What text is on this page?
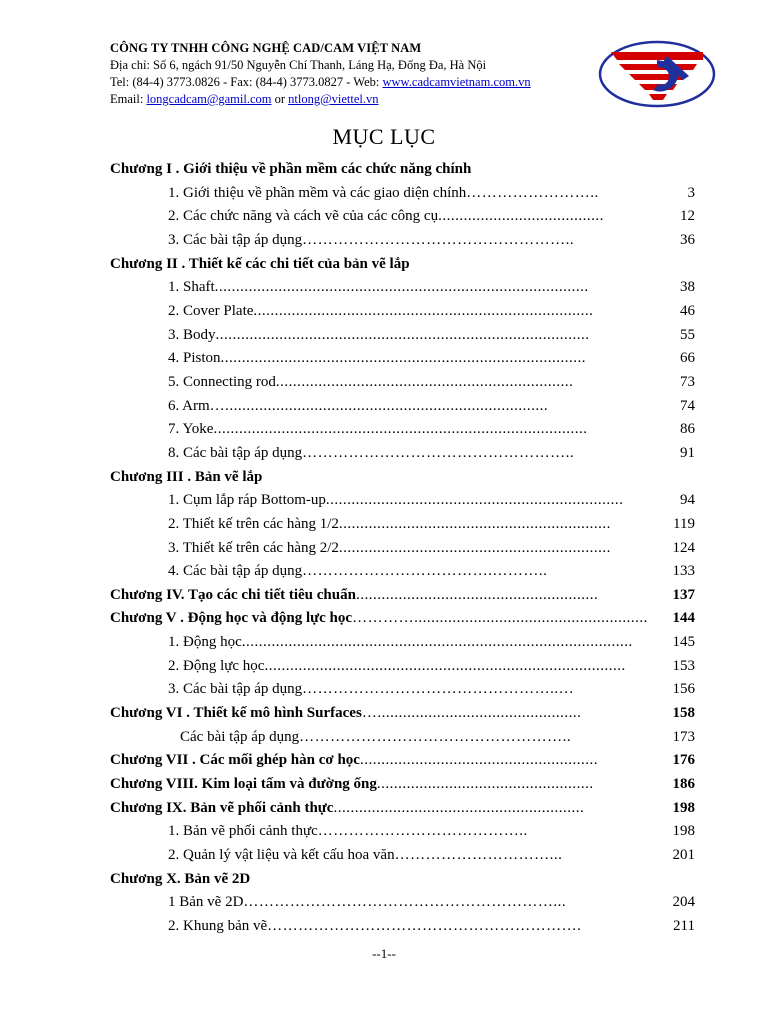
CÔNG TY TNHH CÔNG NGHỆ CAD/CAM VIỆT NAM
Địa chỉ: Số 6, ngách 91/50 Nguyễn Chí Thanh, Láng Hạ, Đống Đa, Hà Nội
Tel: (84-4) 3773.0826 - Fax: (84-4) 3773.0827 - Web: www.cadcamvietnam.com.vn
Email: longcadcam@gamil.com or ntlong@viettel.vn
MỤC LỤC
Chương I . Giới thiệu về phần mềm các chức năng chính
1. Giới thiệu về phần mềm và các giao diện chính ……………………..	3
2. Các chức năng và cách vẽ của các công cụ .......................................	12
3. Các bài tập áp dụng ……………………………………………..	36
Chương II . Thiết kế các chi tiết của bản vẽ lắp
1. Shaft ........................................................................................	38
2. Cover Plate ................................................................................	46
3. Body ........................................................................................	55
4. Piston ......................................................................................	66
5. Connecting rod ......................................................................	73
6. Arm …............................................................................	74
7. Yoke ........................................................................................	86
8. Các bài tập áp dụng ……………………………………………..	91
Chương III . Bản vẽ lắp
1. Cụm lắp ráp Bottom-up ......................................................................	94
2. Thiết kế trên các hàng 1/2 ................................................................	119
3. Thiết kế trên các hàng 2/2 ................................................................	124
4. Các bài tập áp dụng ……………………………….………..	133
Chương IV. Tạo các chi tiết tiêu chuẩn .........................................................	137
Chương V . Động học và động lực học ………….......................................................	144
1. Động học ............................................................................................	145
2. Động lực học .....................................................................................	153
3. Các bài tập áp dụng …………………………………………..…	156
Chương VI . Thiết kế mô hình Surfaces …................................................	158
Các bài tập áp dụng ……………………………………………..	173
Chương VII . Các mối ghép hàn cơ học ........................................................	176
Chương VIII. Kim loại tấm và đường ống ...................................................	186
Chương IX. Bản vẽ phối cảnh thực ...........................................................	198
1. Bản vẽ phối cảnh thực …………………………………..	198
2. Quản lý vật liệu và kết cấu hoa văn …………………………...	201
Chương X. Bản vẽ 2D
1 Bản vẽ 2D ……………………………………………………...	204
2. Khung bản vẽ …………………………………………………….	211
--1--
